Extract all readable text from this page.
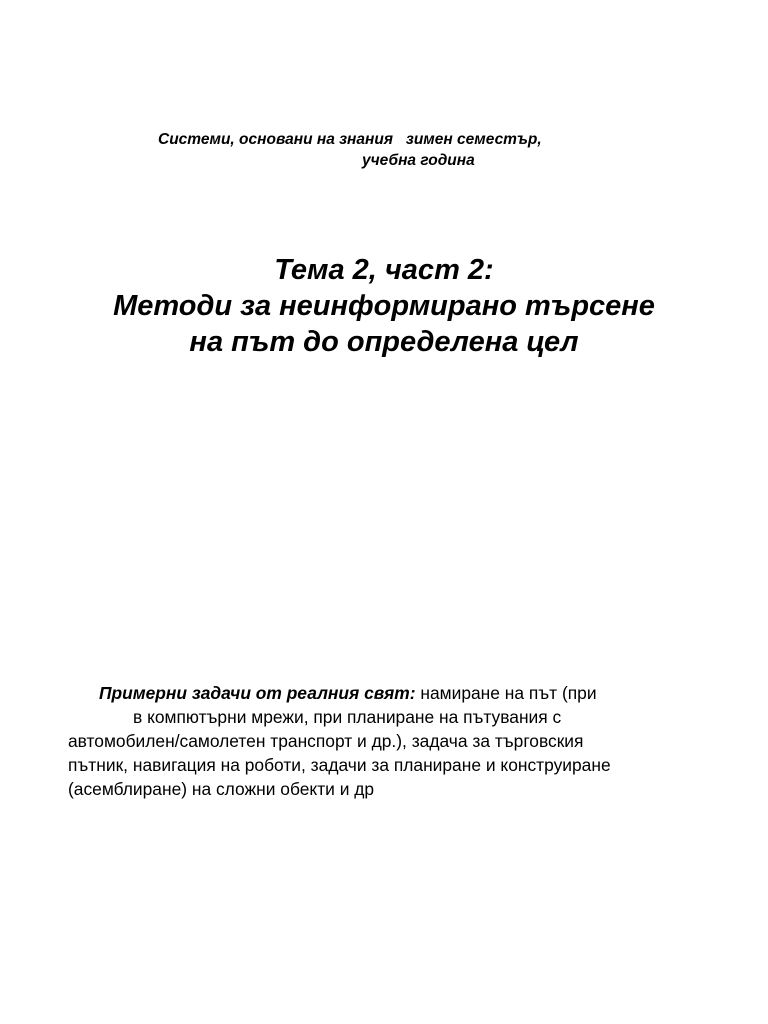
Системи, основани на знания   зимен семестър,
учебна година
Тема 2, част 2:
Методи за неинформирано търсене
на път до определена цел
Примерни задачи от реалния свят: намиране на път (при
в компютърни мрежи, при планиране на пътувания с
автомобилен/самолетен транспорт и др.), задача за търговския
пътник, навигация на роботи, задачи за планиране и конструиране
(асемблиране) на сложни обекти и др
